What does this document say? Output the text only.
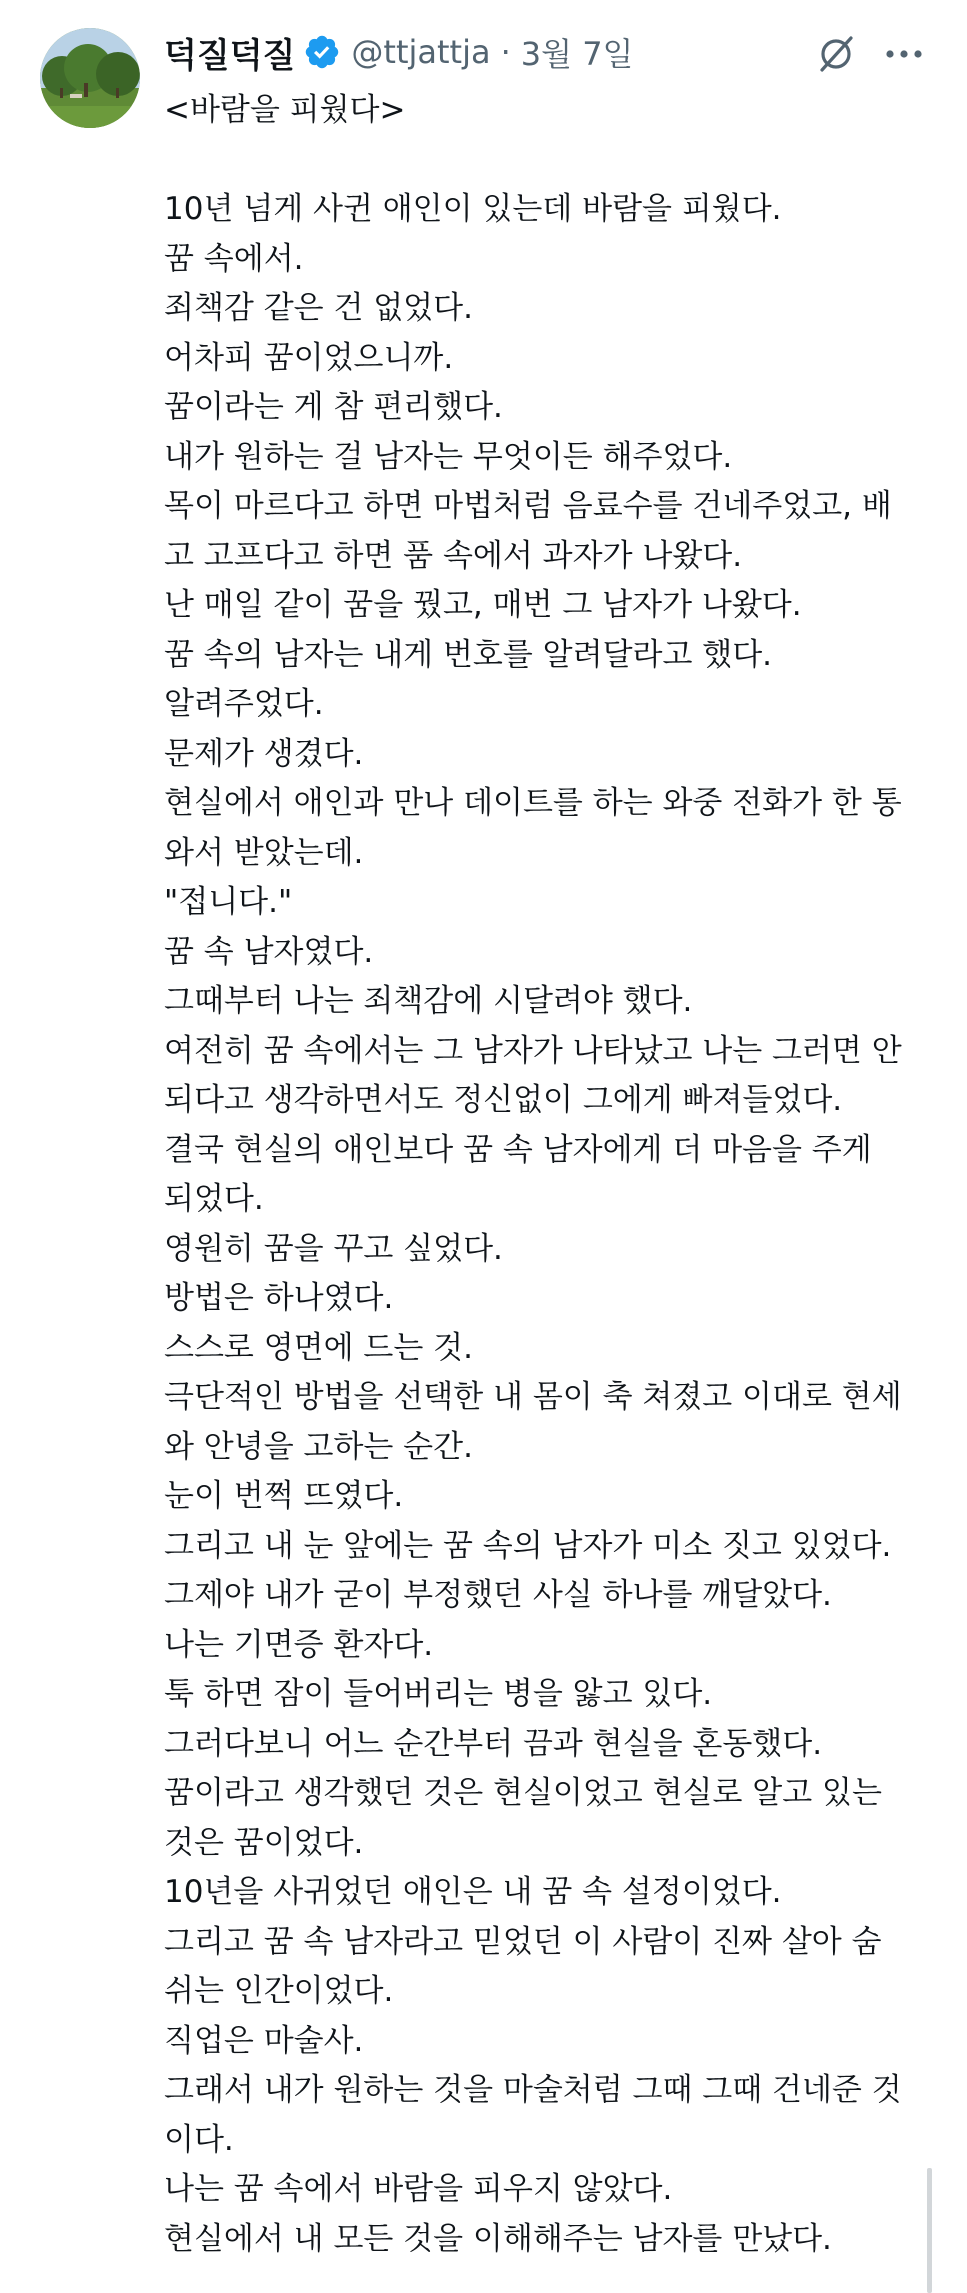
덕질덕질 @ttjattja · 3월 7일
<바람을 피웠다>
10년 넘게 사귄 애인이 있는데 바람을 피웠다.
꿈 속에서.
죄책감 같은 건 없었다.
어차피 꿈이었으니까.
꿈이라는 게 참 편리했다.
내가 원하는 걸 남자는 무엇이든 해주었다.
목이 마르다고 하면 마법처럼 음료수를 건네주었고, 배
고 고프다고 하면 품 속에서 과자가 나왔다.
난 매일 같이 꿈을 꿨고, 매번 그 남자가 나왔다.
꿈 속의 남자는 내게 번호를 알려달라고 했다.
알려주었다.
문제가 생겼다.
현실에서 애인과 만나 데이트를 하는 와중 전화가 한 통
와서 받았는데.
"접니다."
꿈 속 남자였다.
그때부터 나는 죄책감에 시달려야 했다.
여전히 꿈 속에서는 그 남자가 나타났고 나는 그러면 안
되다고 생각하면서도 정신없이 그에게 빠져들었다.
결국 현실의 애인보다 꿈 속 남자에게 더 마음을 주게
되었다.
영원히 꿈을 꾸고 싶었다.
방법은 하나였다.
스스로 영면에 드는 것.
극단적인 방법을 선택한 내 몸이 축 쳐졌고 이대로 현세
와 안녕을 고하는 순간.
눈이 번쩍 뜨였다.
그리고 내 눈 앞에는 꿈 속의 남자가 미소 짓고 있었다.
그제야 내가 굳이 부정했던 사실 하나를 깨달았다.
나는 기면증 환자다.
툭 하면 잠이 들어버리는 병을 앓고 있다.
그러다보니 어느 순간부터 끔과 현실을 혼동했다.
꿈이라고 생각했던 것은 현실이었고 현실로 알고 있는
것은 꿈이었다.
10년을 사귀었던 애인은 내 꿈 속 설정이었다.
그리고 꿈 속 남자라고 믿었던 이 사람이 진짜 살아 숨
쉬는 인간이었다.
직업은 마술사.
그래서 내가 원하는 것을 마술처럼 그때 그때 건네준 것
이다.
나는 꿈 속에서 바람을 피우지 않았다.
현실에서 내 모든 것을 이해해주는 남자를 만났다.
